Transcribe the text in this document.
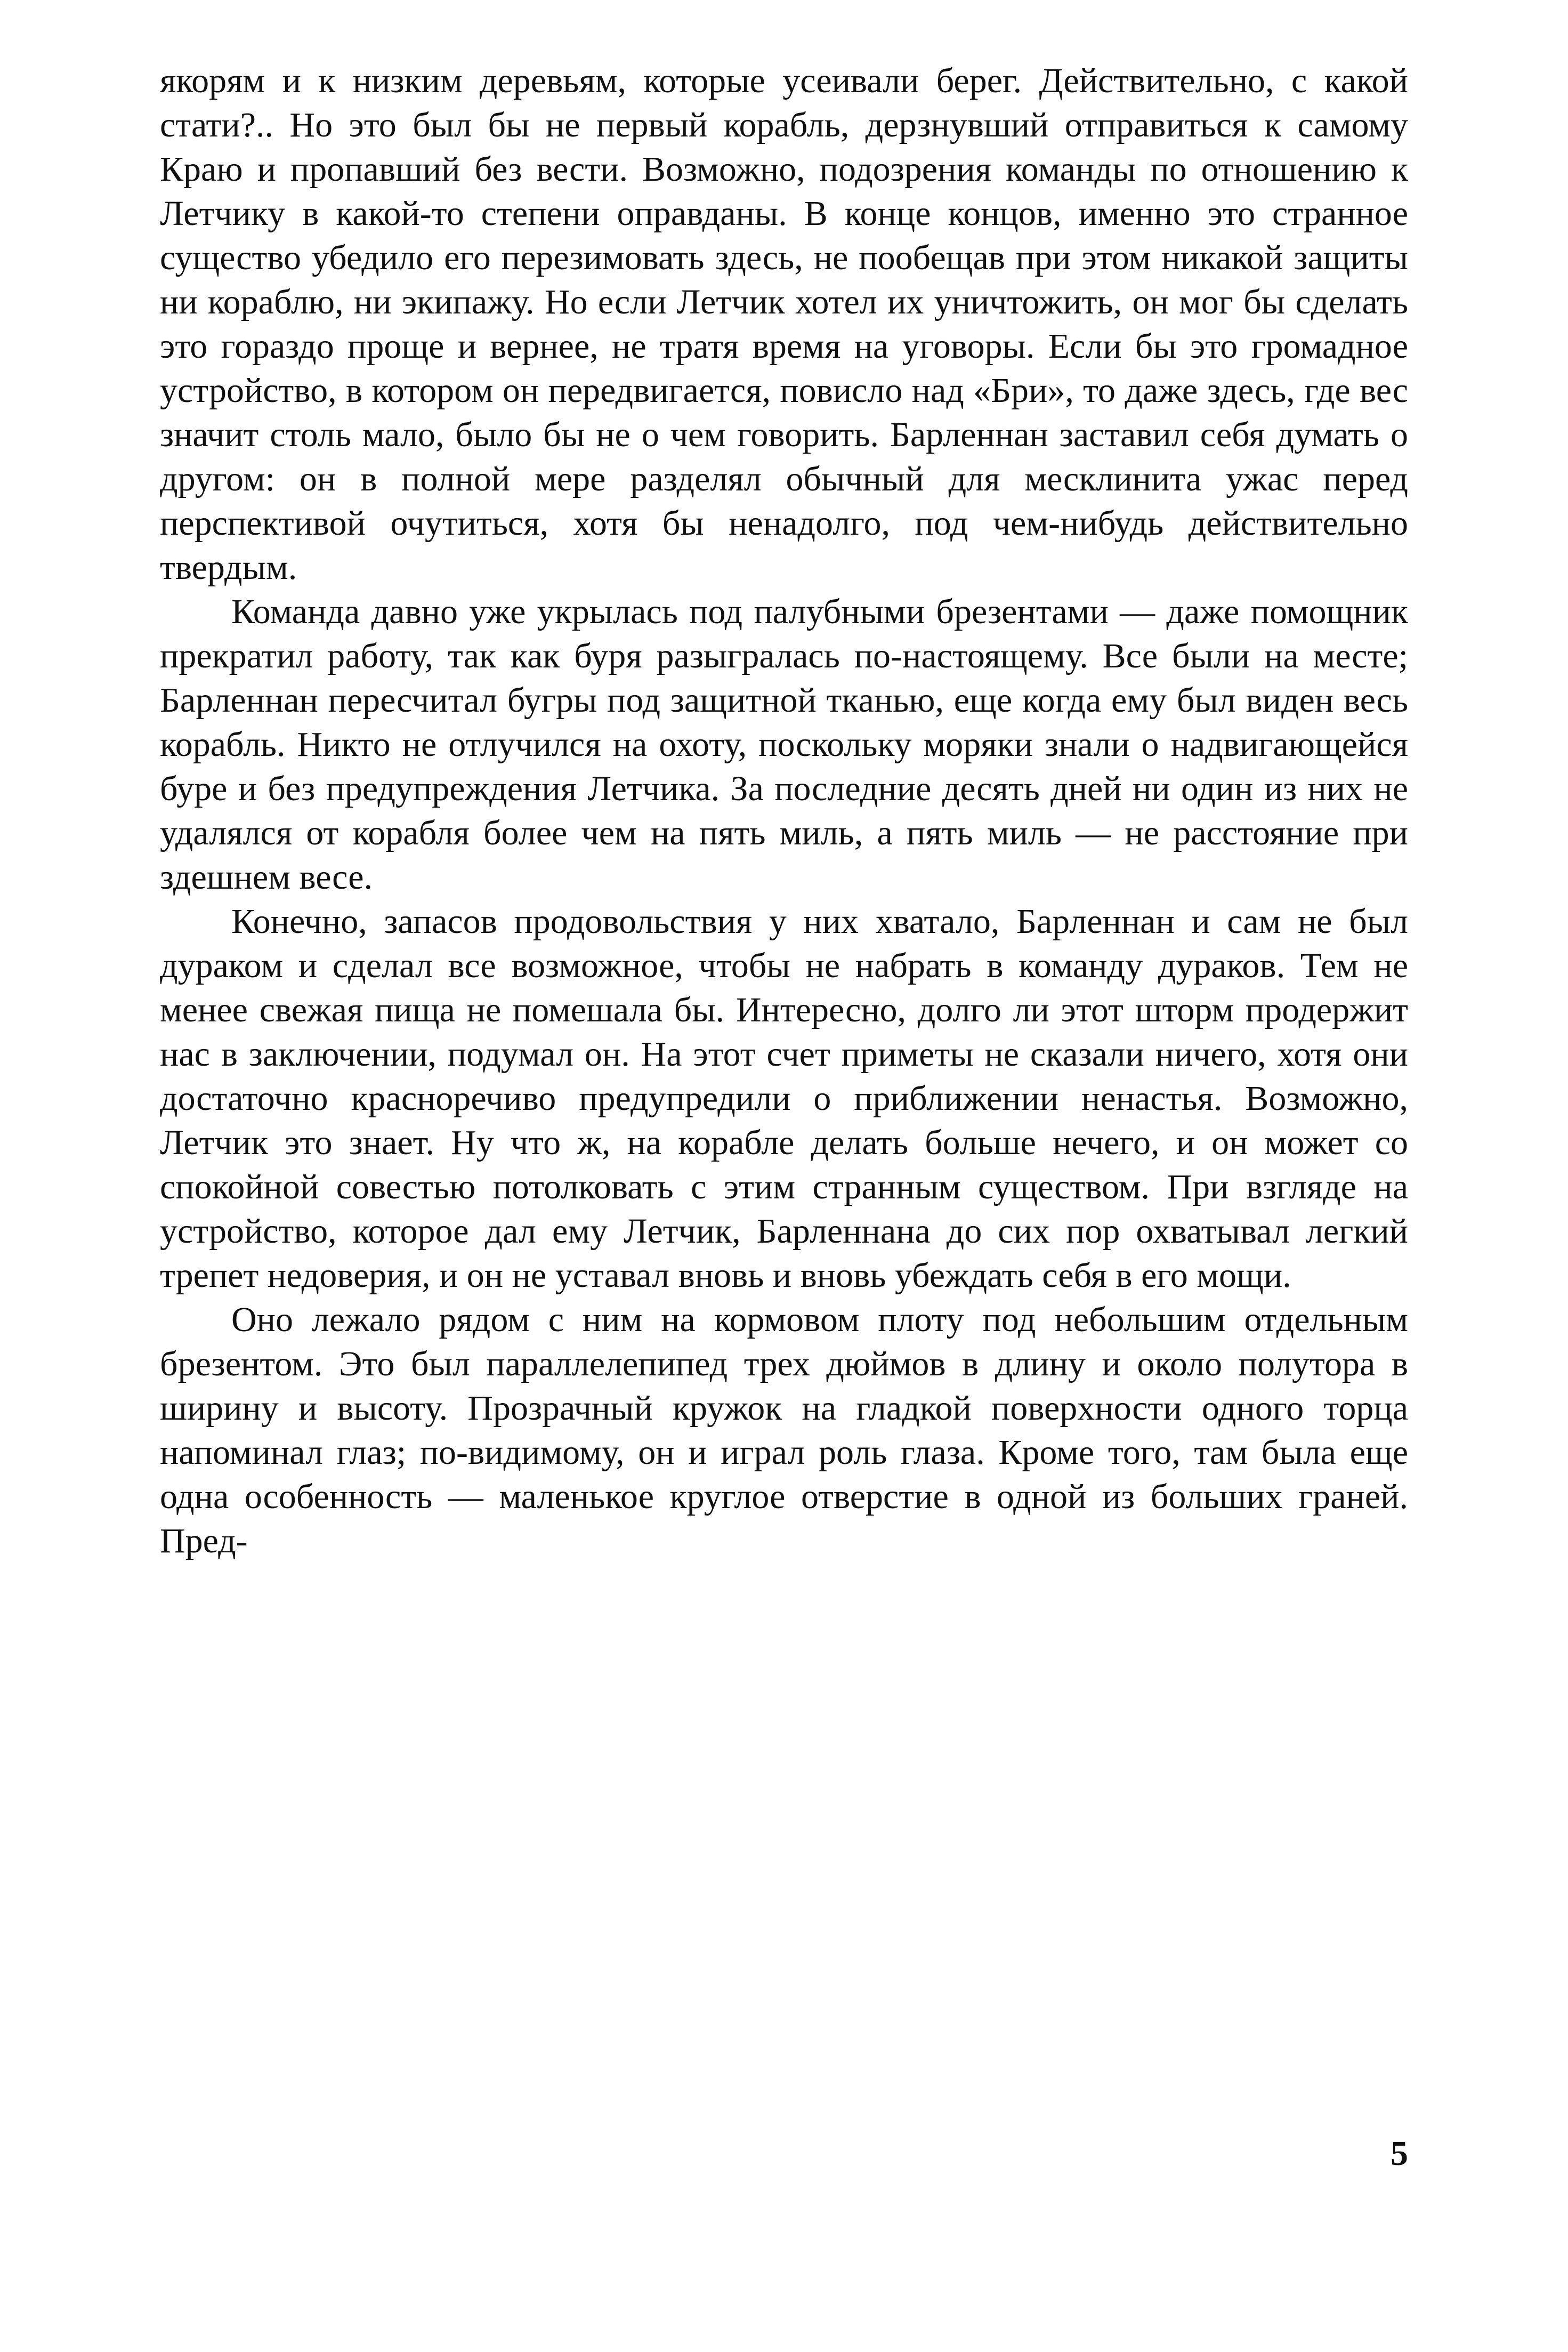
якорям и к низким деревьям, которые усеивали берег. Действительно, с какой стати?.. Но это был бы не первый корабль, дерзнувший отправиться к самому Краю и пропавший без вести. Возможно, подозрения команды по отношению к Летчику в какой-то степени оправданы. В конце концов, именно это странное существо убедило его перезимовать здесь, не пообещав при этом никакой защиты ни кораблю, ни экипажу. Но если Летчик хотел их уничтожить, он мог бы сделать это гораздо проще и вернее, не тратя время на уговоры. Если бы это громадное устройство, в котором он передвигается, повисло над «Бри», то даже здесь, где вес значит столь мало, было бы не о чем говорить. Барленнан заставил себя думать о другом: он в полной мере разделял обычный для месклинита ужас перед перспективой очутиться, хотя бы ненадолго, под чем-нибудь действительно твердым.

Команда давно уже укрылась под палубными брезентами — даже помощник прекратил работу, так как буря разыгралась по-настоящему. Все были на месте; Барленнан пересчитал бугры под защитной тканью, еще когда ему был виден весь корабль. Никто не отлучился на охоту, поскольку моряки знали о надвигающейся буре и без предупреждения Летчика. За последние десять дней ни один из них не удалялся от корабля более чем на пять миль, а пять миль — не расстояние при здешнем весе.

Конечно, запасов продовольствия у них хватало, Барленнан и сам не был дураком и сделал все возможное, чтобы не набрать в команду дураков. Тем не менее свежая пища не помешала бы. Интересно, долго ли этот шторм продержит нас в заключении, подумал он. На этот счет приметы не сказали ничего, хотя они достаточно красноречиво предупредили о приближении ненастья. Возможно, Летчик это знает. Ну что ж, на корабле делать больше нечего, и он может со спокойной совестью потолковать с этим странным существом. При взгляде на устройство, которое дал ему Летчик, Барленнана до сих пор охватывал легкий трепет недоверия, и он не уставал вновь и вновь убеждать себя в его мощи.

Оно лежало рядом с ним на кормовом плоту под небольшим отдельным брезентом. Это был параллелепипед трех дюймов в длину и около полутора в ширину и высоту. Прозрачный кружок на гладкой поверхности одного торца напоминал глаз; по-видимому, он и играл роль глаза. Кроме того, там была еще одна особенность — маленькое круглое отверстие в одной из больших граней. Пред-

5
